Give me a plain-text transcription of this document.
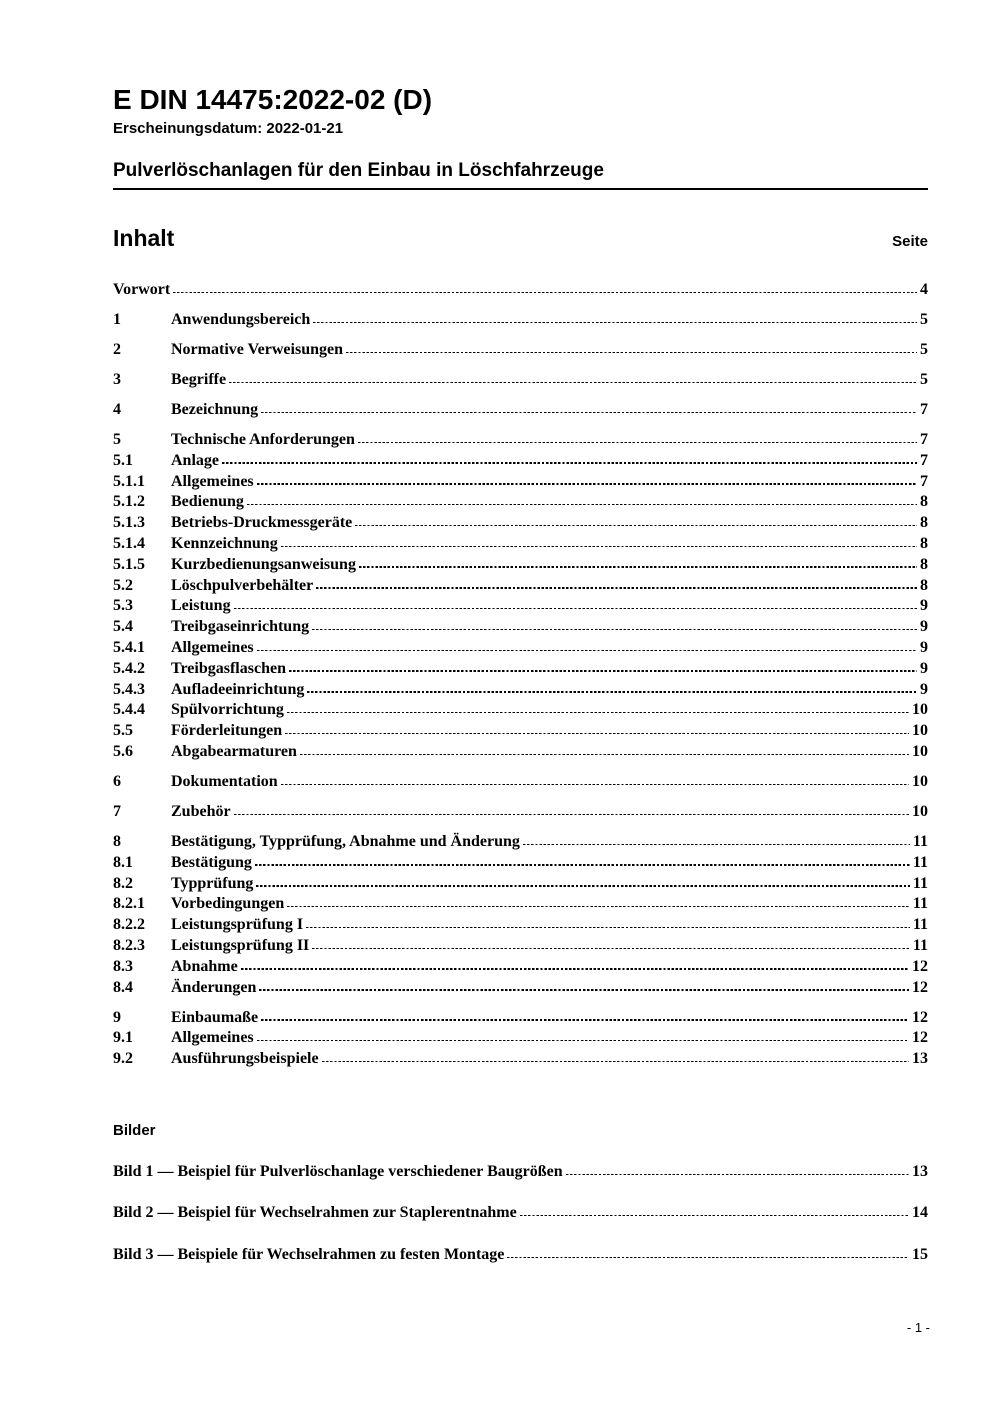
E DIN 14475:2022-02 (D)
Erscheinungsdatum: 2022-01-21
Pulverlöschanlagen für den Einbau in Löschfahrzeuge
Inhalt	Seite
Vorwort	4
1	Anwendungsbereich	5
2	Normative Verweisungen	5
3	Begriffe	5
4	Bezeichnung	7
5	Technische Anforderungen	7
5.1	Anlage	7
5.1.1	Allgemeines	7
5.1.2	Bedienung	8
5.1.3	Betriebs-Druckmessgeräte	8
5.1.4	Kennzeichnung	8
5.1.5	Kurzbedienungsanweisung	8
5.2	Löschpulverbehälter	8
5.3	Leistung	9
5.4	Treibgaseinrichtung	9
5.4.1	Allgemeines	9
5.4.2	Treibgasflaschen	9
5.4.3	Aufladeeinrichtung	9
5.4.4	Spülvorrichtung	10
5.5	Förderleitungen	10
5.6	Abgabearmaturen	10
6	Dokumentation	10
7	Zubehör	10
8	Bestätigung, Typprüfung, Abnahme und Änderung	11
8.1	Bestätigung	11
8.2	Typprüfung	11
8.2.1	Vorbedingungen	11
8.2.2	Leistungsprüfung I	11
8.2.3	Leistungsprüfung II	11
8.3	Abnahme	12
8.4	Änderungen	12
9	Einbaumaße	12
9.1	Allgemeines	12
9.2	Ausführungsbeispiele	13
Bilder
Bild 1 — Beispiel für Pulverlöschanlage verschiedener Baugrößen	13
Bild 2 — Beispiel für Wechselrahmen zur Staplerentnahme	14
Bild 3 — Beispiele für Wechselrahmen zu festen Montage	15
- 1 -
